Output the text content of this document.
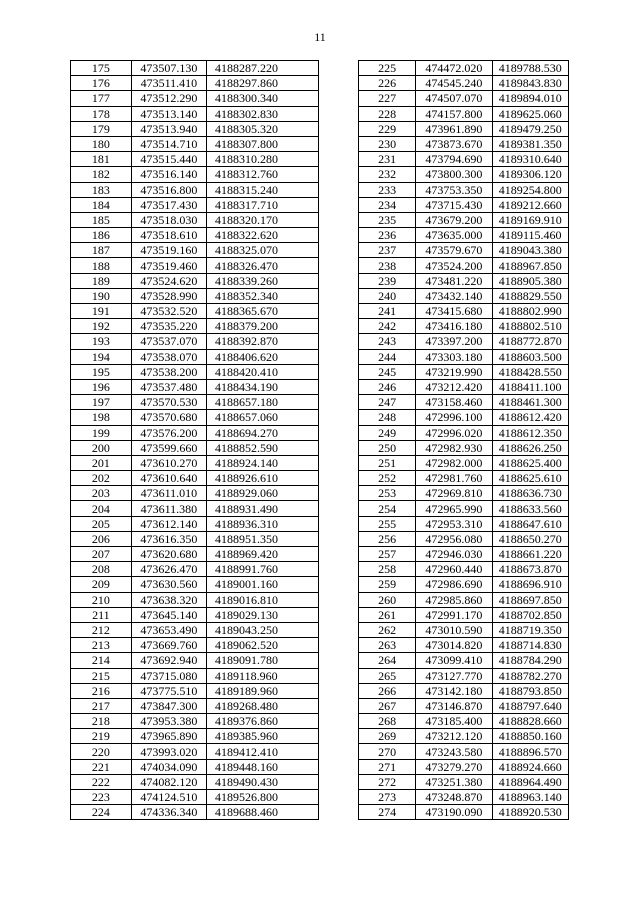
11
175	473507.130	4188287.220
176	473511.410	4188297.860
177	473512.290	4188300.340
178	473513.140	4188302.830
179	473513.940	4188305.320
180	473514.710	4188307.800
181	473515.440	4188310.280
182	473516.140	4188312.760
183	473516.800	4188315.240
184	473517.430	4188317.710
185	473518.030	4188320.170
186	473518.610	4188322.620
187	473519.160	4188325.070
188	473519.460	4188326.470
189	473524.620	4188339.260
190	473528.990	4188352.340
191	473532.520	4188365.670
192	473535.220	4188379.200
193	473537.070	4188392.870
194	473538.070	4188406.620
195	473538.200	4188420.410
196	473537.480	4188434.190
197	473570.530	4188657.180
198	473570.680	4188657.060
199	473576.200	4188694.270
200	473599.660	4188852.590
201	473610.270	4188924.140
202	473610.640	4188926.610
203	473611.010	4188929.060
204	473611.380	4188931.490
205	473612.140	4188936.310
206	473616.350	4188951.350
207	473620.680	4188969.420
208	473626.470	4188991.760
209	473630.560	4189001.160
210	473638.320	4189016.810
211	473645.140	4189029.130
212	473653.490	4189043.250
213	473669.760	4189062.520
214	473692.940	4189091.780
215	473715.080	4189118.960
216	473775.510	4189189.960
217	473847.300	4189268.480
218	473953.380	4189376.860
219	473965.890	4189385.960
220	473993.020	4189412.410
221	474034.090	4189448.160
222	474082.120	4189490.430
223	474124.510	4189526.800
224	474336.340	4189688.460
225	474472.020	4189788.530
226	474545.240	4189843.830
227	474507.070	4189894.010
228	474157.800	4189625.060
229	473961.890	4189479.250
230	473873.670	4189381.350
231	473794.690	4189310.640
232	473800.300	4189306.120
233	473753.350	4189254.800
234	473715.430	4189212.660
235	473679.200	4189169.910
236	473635.000	4189115.460
237	473579.670	4189043.380
238	473524.200	4188967.850
239	473481.220	4188905.380
240	473432.140	4188829.550
241	473415.680	4188802.990
242	473416.180	4188802.510
243	473397.200	4188772.870
244	473303.180	4188603.500
245	473219.990	4188428.550
246	473212.420	4188411.100
247	473158.460	4188461.300
248	472996.100	4188612.420
249	472996.020	4188612.350
250	472982.930	4188626.250
251	472982.000	4188625.400
252	472981.760	4188625.610
253	472969.810	4188636.730
254	472965.990	4188633.560
255	472953.310	4188647.610
256	472956.080	4188650.270
257	472946.030	4188661.220
258	472960.440	4188673.870
259	472986.690	4188696.910
260	472985.860	4188697.850
261	472991.170	4188702.850
262	473010.590	4188719.350
263	473014.820	4188714.830
264	473099.410	4188784.290
265	473127.770	4188782.270
266	473142.180	4188793.850
267	473146.870	4188797.640
268	473185.400	4188828.660
269	473212.120	4188850.160
270	473243.580	4188896.570
271	473279.270	4188924.660
272	473251.380	4188964.490
273	473248.870	4188963.140
274	473190.090	4188920.530
